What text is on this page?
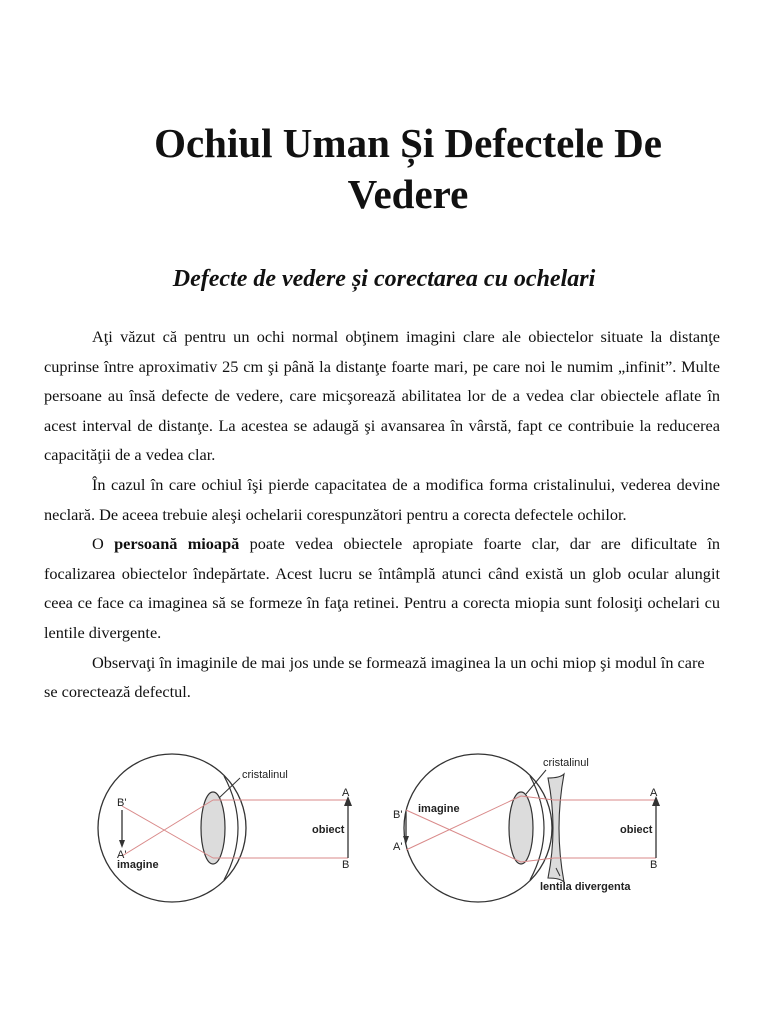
Ochiul Uman Și Defectele De
Vedere
Defecte de vedere și corectarea cu ochelari

Aţi văzut că pentru un ochi normal obţinem imagini clare ale obiectelor situate la distanţe cuprinse între aproximativ 25 cm şi până la distanţe foarte mari, pe care noi le numim „infinit”. Multe persoane au însă defecte de vedere, care micşorează abilitatea lor de a vedea clar obiectele aflate în acest interval de distanţe. La acestea se adaugă şi avansarea în vârstă, fapt ce contribuie la reducerea capacităţii de a vedea clar.

În cazul în care ochiul îşi pierde capacitatea de a modifica forma cristalinului, vederea devine neclară. De aceea trebuie aleşi ochelarii corespunzători pentru a corecta defectele ochilor.

O persoană mioapă poate vedea obiectele apropiate foarte clar, dar are dificultate în focalizarea obiectelor îndepărtate. Acest lucru se întâmplă atunci când există un glob ocular alungit ceea ce face ca imaginea să se formeze în faţa retinei. Pentru a corecta miopia sunt folosiţi ochelari cu lentile divergente.

Observaţi în imaginile de mai jos unde se formează imaginea la un ochi miop şi modul în care se corectează defectul.

cristalinul
A
B
obiect
B'
A'
imagine
cristalinul
A
B
obiect
imagine
B'
A'
lentila divergenta
